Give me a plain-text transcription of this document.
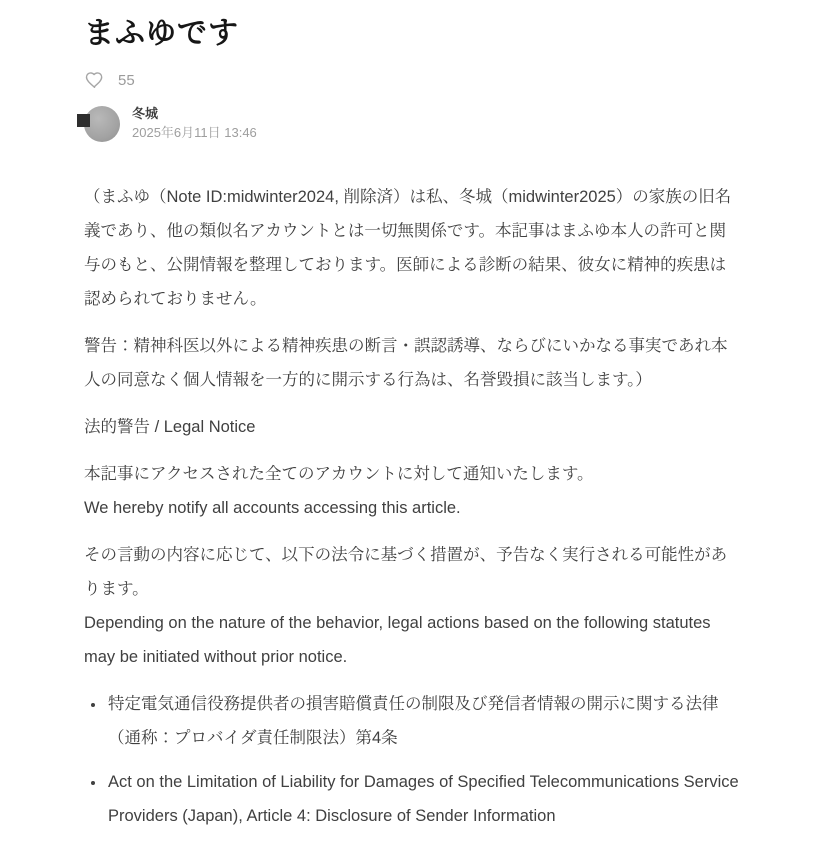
まふゆです
55
冬城
2025年6月11日 13:46

（まふゆ（Note ID:midwinter2024, 削除済）は私、冬城（midwinter2025）の家族の旧名義であり、他の類似名アカウントとは一切無関係です。本記事はまふゆ本人の許可と関与のもと、公開情報を整理しております。医師による診断の結果、彼女に精神的疾患は認められておりません。

警告：精神科医以外による精神疾患の断言・誤認誘導、ならびにいかなる事実であれ本人の同意なく個人情報を一方的に開示する行為は、名誉毀損に該当します。）

法的警告 / Legal Notice

本記事にアクセスされた全てのアカウントに対して通知いたします。
We hereby notify all accounts accessing this article.

その言動の内容に応じて、以下の法令に基づく措置が、予告なく実行される可能性があります。
Depending on the nature of the behavior, legal actions based on the following statutes may be initiated without prior notice.

• 特定電気通信役務提供者の損害賠償責任の制限及び発信者情報の開示に関する法律（通称：プロバイダ責任制限法）第4条
• Act on the Limitation of Liability for Damages of Specified Telecommunications Service Providers (Japan), Article 4: Disclosure of Sender Information
